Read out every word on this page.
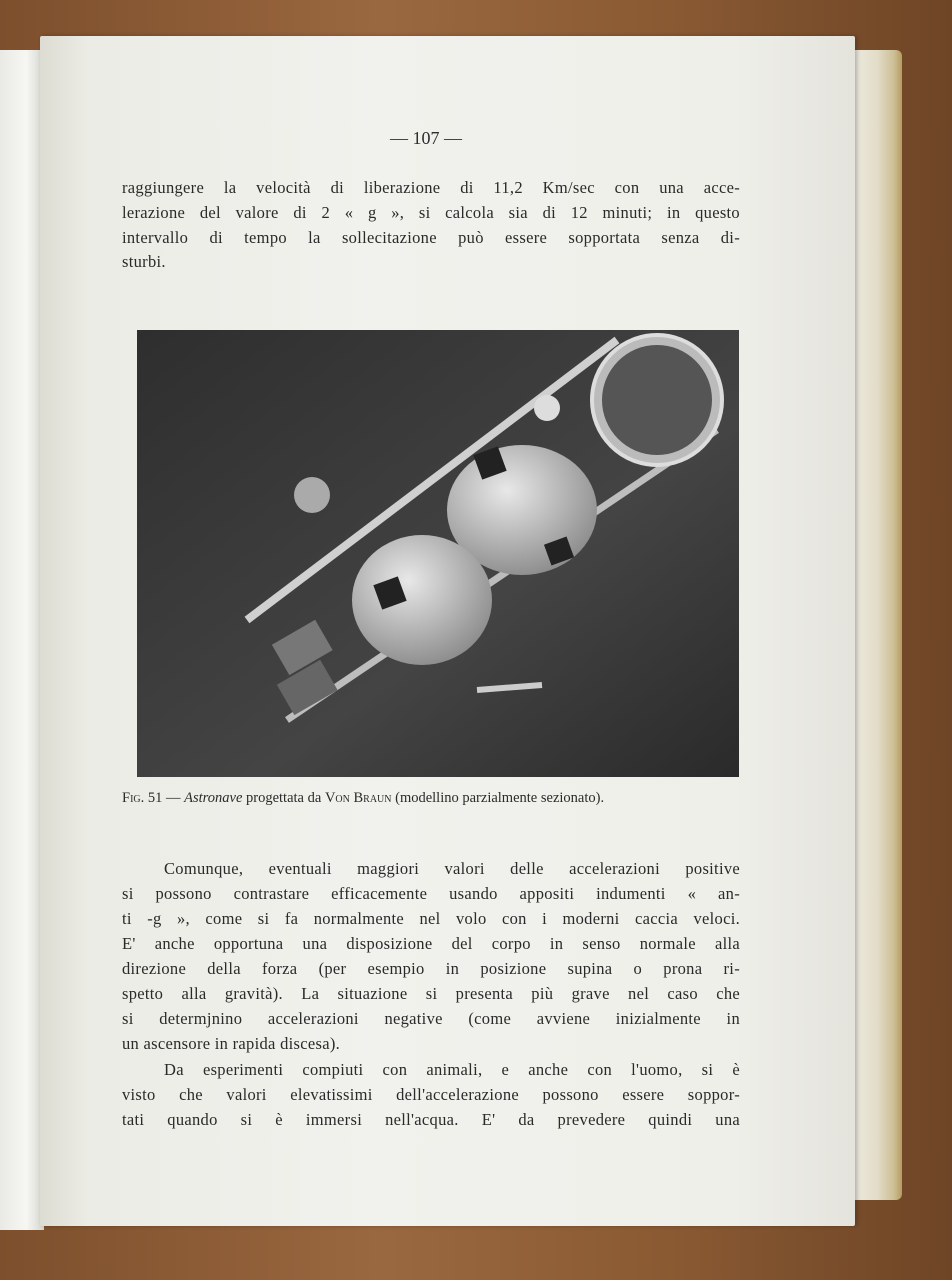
— 107 —
raggiungere la velocità di liberazione di 11,2 Km/sec con una acce-
lerazione del valore di 2 « g », si calcola sia di 12 minuti; in questo
intervallo di tempo la sollecitazione può essere sopportata senza di-
sturbi.
Fig. 51 — Astronave progettata da Von Braun (modellino parzialmente sezionato).
Comunque, eventuali maggiori valori delle accelerazioni positive
si possono contrastare efficacemente usando appositi indumenti « an-
ti -g », come si fa normalmente nel volo con i moderni caccia veloci.
E' anche opportuna una disposizione del corpo in senso normale alla
direzione della forza (per esempio in posizione supina o prona ri-
spetto alla gravità). La situazione si presenta più grave nel caso che
si determjnino accelerazioni negative (come avviene inizialmente in
un ascensore in rapida discesa).
Da esperimenti compiuti con animali, e anche con l'uomo, si è
visto che valori elevatissimi dell'accelerazione possono essere soppor-
tati quando si è immersi nell'acqua. E' da prevedere quindi una
